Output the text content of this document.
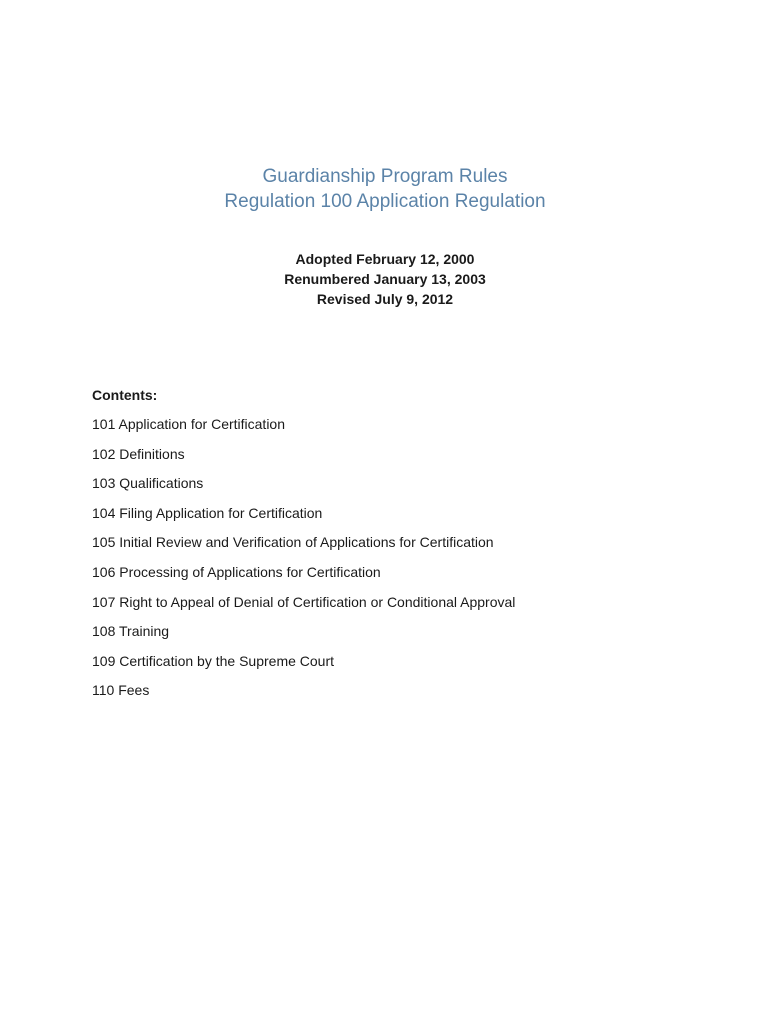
Guardianship Program Rules
Regulation 100 Application Regulation

Adopted February 12, 2000

Renumbered January 13, 2003

Revised July 9, 2012

Contents:

101 Application for Certification
102 Definitions
103 Qualifications
104 Filing Application for Certification
105 Initial Review and Verification of Applications for Certification
106 Processing of Applications for Certification
107 Right to Appeal of Denial of Certification or Conditional Approval
108 Training
109 Certification by the Supreme Court
110 Fees
